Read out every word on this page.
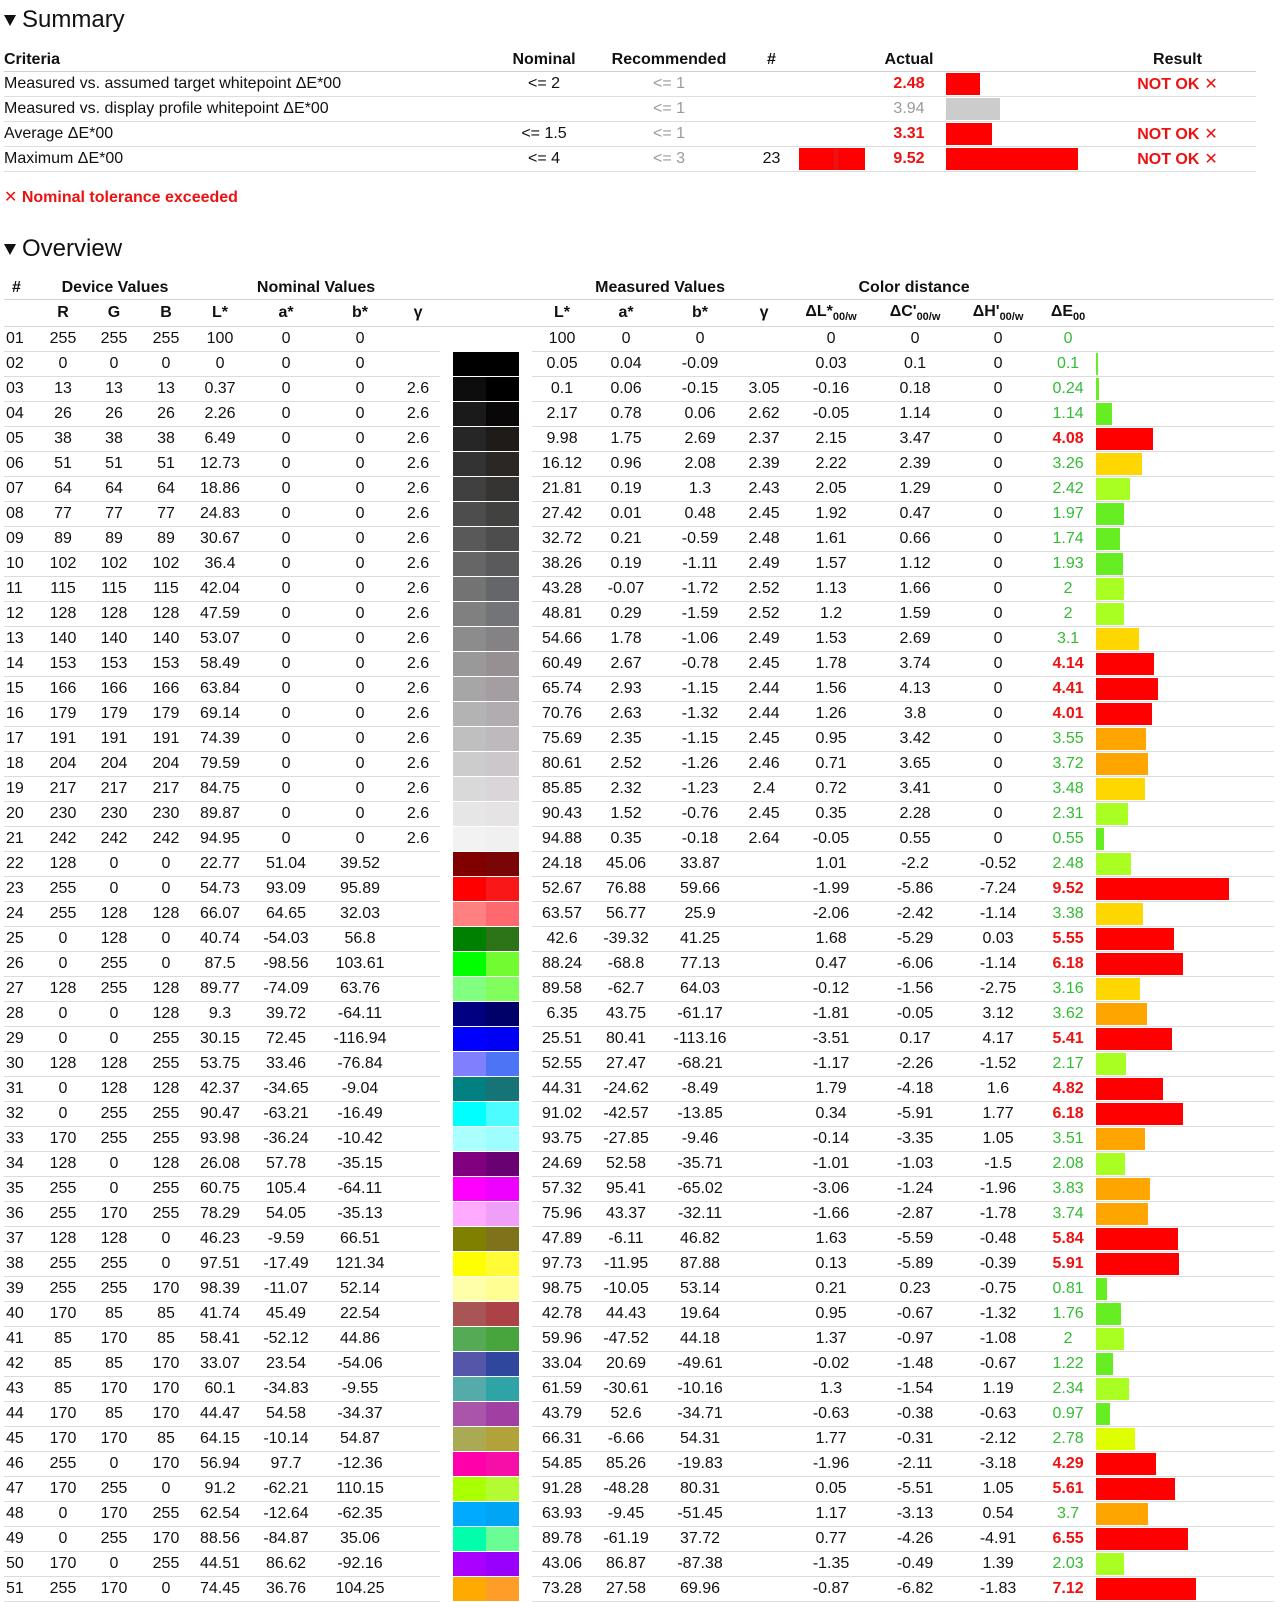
Summary
Criteria	Nominal	Recommended	#		Actual		Result
Measured vs. assumed target whitepoint ΔE*00	<= 2	<= 1			2.48		NOT OK ✕
Measured vs. display profile whitepoint ΔE*00		<= 1			3.94	

Average ΔE*00	<= 1.5	<= 1			3.31		NOT OK ✕
Maximum ΔE*00	<= 4	<= 3	23		9.52		NOT OK ✕
✕ Nominal tolerance exceeded
Overview
#	Device Values			Nominal Values					Measured Values				Color distance				
	R	G	B	L*	a*	b*	γ		L*	a*	b*	γ	$\Delta L*_{00/w}$	$\Delta C'_{00/w}$	$\Delta H'_{00/w}$	$\Delta E_{00}$	
01	255	255	255	100	0	0			100	0	0		0	0	0	0	
02	0	0	0	0	0	0			0.05	0.04	-0.09		0.03	0.1	0	0.1	

03	13	13	13	0.37	0	0	2.6		0.1	0.06	-0.15	3.05	-0.16	0.18	0	0.24	

04	26	26	26	2.26	0	0	2.6		2.17	0.78	0.06	2.62	-0.05	1.14	0	1.14	

05	38	38	38	6.49	0	0	2.6		9.98	1.75	2.69	2.37	2.15	3.47	0	4.08	

06	51	51	51	12.73	0	0	2.6		16.12	0.96	2.08	2.39	2.22	2.39	0	3.26	

07	64	64	64	18.86	0	0	2.6		21.81	0.19	1.3	2.43	2.05	1.29	0	2.42	

08	77	77	77	24.83	0	0	2.6		27.42	0.01	0.48	2.45	1.92	0.47	0	1.97	

09	89	89	89	30.67	0	0	2.6		32.72	0.21	-0.59	2.48	1.61	0.66	0	1.74	

10	102	102	102	36.4	0	0	2.6		38.26	0.19	-1.11	2.49	1.57	1.12	0	1.93	

11	115	115	115	42.04	0	0	2.6		43.28	-0.07	-1.72	2.52	1.13	1.66	0	2	

12	128	128	128	47.59	0	0	2.6		48.81	0.29	-1.59	2.52	1.2	1.59	0	2	

13	140	140	140	53.07	0	0	2.6		54.66	1.78	-1.06	2.49	1.53	2.69	0	3.1	

14	153	153	153	58.49	0	0	2.6		60.49	2.67	-0.78	2.45	1.78	3.74	0	4.14	

15	166	166	166	63.84	0	0	2.6		65.74	2.93	-1.15	2.44	1.56	4.13	0	4.41	

16	179	179	179	69.14	0	0	2.6		70.76	2.63	-1.32	2.44	1.26	3.8	0	4.01	

17	191	191	191	74.39	0	0	2.6		75.69	2.35	-1.15	2.45	0.95	3.42	0	3.55	

18	204	204	204	79.59	0	0	2.6		80.61	2.52	-1.26	2.46	0.71	3.65	0	3.72	

19	217	217	217	84.75	0	0	2.6		85.85	2.32	-1.23	2.4	0.72	3.41	0	3.48	

20	230	230	230	89.87	0	0	2.6		90.43	1.52	-0.76	2.45	0.35	2.28	0	2.31	

21	242	242	242	94.95	0	0	2.6		94.88	0.35	-0.18	2.64	-0.05	0.55	0	0.55	

22	128	0	0	22.77	51.04	39.52			24.18	45.06	33.87		1.01	-2.2	-0.52	2.48	

23	255	0	0	54.73	93.09	95.89			52.67	76.88	59.66		-1.99	-5.86	-7.24	9.52	

24	255	128	128	66.07	64.65	32.03			63.57	56.77	25.9		-2.06	-2.42	-1.14	3.38	

25	0	128	0	40.74	-54.03	56.8			42.6	-39.32	41.25		1.68	-5.29	0.03	5.55	

26	0	255	0	87.5	-98.56	103.61			88.24	-68.8	77.13		0.47	-6.06	-1.14	6.18	

27	128	255	128	89.77	-74.09	63.76			89.58	-62.7	64.03		-0.12	-1.56	-2.75	3.16	

28	0	0	128	9.3	39.72	-64.11			6.35	43.75	-61.17		-1.81	-0.05	3.12	3.62	

29	0	0	255	30.15	72.45	-116.94			25.51	80.41	-113.16		-3.51	0.17	4.17	5.41	

30	128	128	255	53.75	33.46	-76.84			52.55	27.47	-68.21		-1.17	-2.26	-1.52	2.17	

31	0	128	128	42.37	-34.65	-9.04			44.31	-24.62	-8.49		1.79	-4.18	1.6	4.82	

32	0	255	255	90.47	-63.21	-16.49			91.02	-42.57	-13.85		0.34	-5.91	1.77	6.18	

33	170	255	255	93.98	-36.24	-10.42			93.75	-27.85	-9.46		-0.14	-3.35	1.05	3.51	

34	128	0	128	26.08	57.78	-35.15			24.69	52.58	-35.71		-1.01	-1.03	-1.5	2.08	

35	255	0	255	60.75	105.4	-64.11			57.32	95.41	-65.02		-3.06	-1.24	-1.96	3.83	

36	255	170	255	78.29	54.05	-35.13			75.96	43.37	-32.11		-1.66	-2.87	-1.78	3.74	

37	128	128	0	46.23	-9.59	66.51			47.89	-6.11	46.82		1.63	-5.59	-0.48	5.84	

38	255	255	0	97.51	-17.49	121.34			97.73	-11.95	87.88		0.13	-5.89	-0.39	5.91	

39	255	255	170	98.39	-11.07	52.14			98.75	-10.05	53.14		0.21	0.23	-0.75	0.81	

40	170	85	85	41.74	45.49	22.54			42.78	44.43	19.64		0.95	-0.67	-1.32	1.76	

41	85	170	85	58.41	-52.12	44.86			59.96	-47.52	44.18		1.37	-0.97	-1.08	2	

42	85	85	170	33.07	23.54	-54.06			33.04	20.69	-49.61		-0.02	-1.48	-0.67	1.22	

43	85	170	170	60.1	-34.83	-9.55			61.59	-30.61	-10.16		1.3	-1.54	1.19	2.34	

44	170	85	170	44.47	54.58	-34.37			43.79	52.6	-34.71		-0.63	-0.38	-0.63	0.97	

45	170	170	85	64.15	-10.14	54.87			66.31	-6.66	54.31		1.77	-0.31	-2.12	2.78	

46	255	0	170	56.94	97.7	-12.36			54.85	85.26	-19.83		-1.96	-2.11	-3.18	4.29	

47	170	255	0	91.2	-62.21	110.15			91.28	-48.28	80.31		0.05	-5.51	1.05	5.61	

48	0	170	255	62.54	-12.64	-62.35			63.93	-9.45	-51.45		1.17	-3.13	0.54	3.7	

49	0	255	170	88.56	-84.87	35.06			89.78	-61.19	37.72		0.77	-4.26	-4.91	6.55	

50	170	0	255	44.51	86.62	-92.16			43.06	86.87	-87.38		-1.35	-0.49	1.39	2.03	

51	255	170	0	74.45	36.76	104.25			73.28	27.58	69.96		-0.87	-6.82	-1.83	7.12	
